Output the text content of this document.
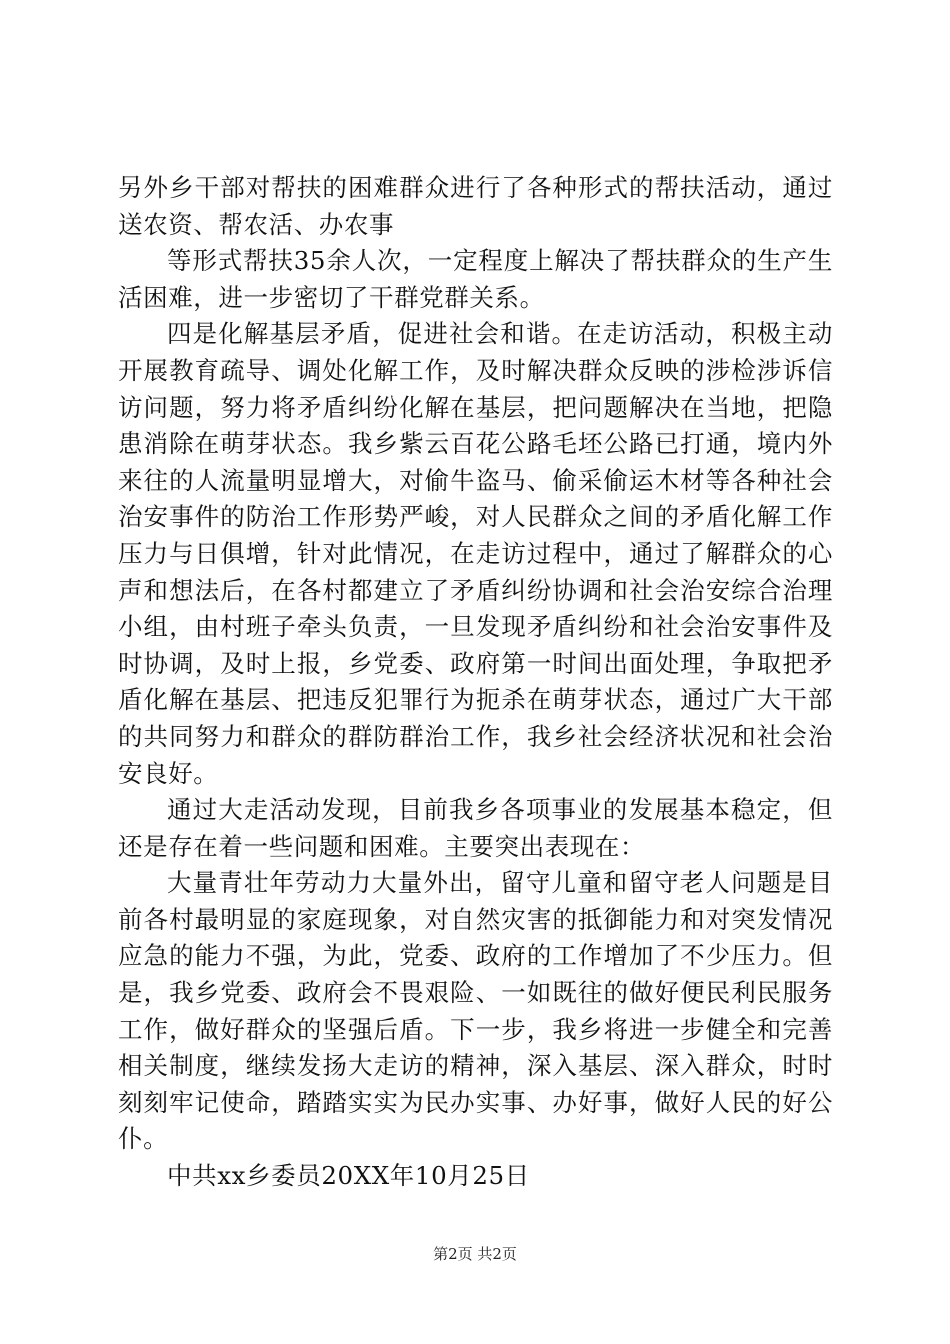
另外乡干部对帮扶的困难群众进行了各种形式的帮扶活动，通过送农资、帮农活、办农事

等形式帮扶35余人次，一定程度上解决了帮扶群众的生产生活困难，进一步密切了干群党群关系。

四是化解基层矛盾，促进社会和谐。在走访活动，积极主动开展教育疏导、调处化解工作，及时解决群众反映的涉检涉诉信访问题，努力将矛盾纠纷化解在基层，把问题解决在当地，把隐患消除在萌芽状态。我乡紫云百花公路毛坯公路已打通，境内外来往的人流量明显增大，对偷牛盗马、偷采偷运木材等各种社会治安事件的防治工作形势严峻，对人民群众之间的矛盾化解工作压力与日俱增，针对此情况，在走访过程中，通过了解群众的心声和想法后，在各村都建立了矛盾纠纷协调和社会治安综合治理小组，由村班子牵头负责，一旦发现矛盾纠纷和社会治安事件及时协调，及时上报，乡党委、政府第一时间出面处理，争取把矛盾化解在基层、把违反犯罪行为扼杀在萌芽状态，通过广大干部的共同努力和群众的群防群治工作，我乡社会经济状况和社会治安良好。

通过大走活动发现，目前我乡各项事业的发展基本稳定，但还是存在着一些问题和困难。主要突出表现在：

大量青壮年劳动力大量外出，留守儿童和留守老人问题是目前各村最明显的家庭现象，对自然灾害的抵御能力和对突发情况应急的能力不强，为此，党委、政府的工作增加了不少压力。但是，我乡党委、政府会不畏艰险、一如既往的做好便民利民服务工作，做好群众的坚强后盾。下一步，我乡将进一步健全和完善相关制度，继续发扬大走访的精神，深入基层、深入群众，时时刻刻牢记使命，踏踏实实为民办实事、办好事，做好人民的好公仆。

中共xx乡委员20XX年10月25日

第2页 共2页
